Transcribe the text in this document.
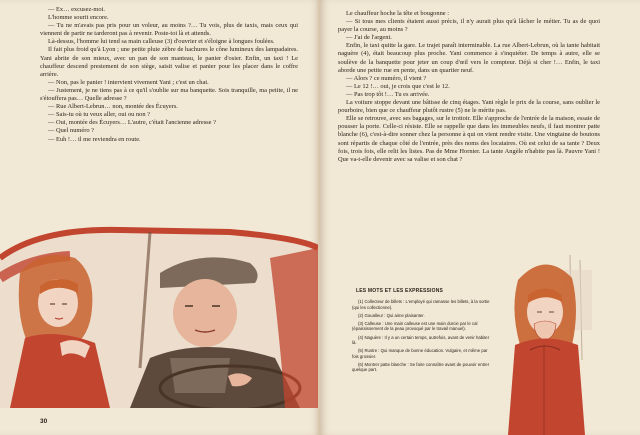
— Ex… excusez-moi.

L'homme sourit encore.

— Tu ne m'avais pas pris pour un voleur, au moins ?… Tu vois, plus de taxis, mais ceux qui viennent de partir ne tarderont pas à revenir. Poste-toi là et attends.

Là-dessus, l'homme lui tend sa main calleuse (3) d'ouvrier et s'éloigne à longues foulées.

Il fait plus froid qu'à Lyon ; une petite pluie zèbre de hachures le cône lumineux des lampadaires. Yani abrite de son mieux, avec un pan de son manteau, le panier d'osier. Enfin, un taxi ! Le chauffeur descend prestement de son siège, saisit valise et panier pour les placer dans le coffre arrière.

— Non, pas le panier ! intervient vivement Yani ; c'est un chat.

— Justement, je ne tiens pas à ce qu'il s'oublie sur ma banquette. Sois tranquille, ma petite, il ne s'étouffera pas… Quelle adresse ?

— Rue Albert-Lebrun… non, montée des Écuyers.

— Sais-tu où tu veux aller, oui ou non ?

— Oui, montée des Écuyers… L'autre, c'était l'ancienne adresse ?

— Quel numéro ?

— Euh !… il me reviendra en route.

30

Le chauffeur hoche la tête et bougonne :

— Si tous mes clients étaient aussi précis, il n'y aurait plus qu'à lâcher le métier. Tu as de quoi payer la course, au moins ?

— J'ai de l'argent.

Enfin, le taxi quitte la gare. Le trajet paraît interminable. La rue Albert-Lebrun, où la tante habitait naguère (4), était beaucoup plus proche. Yani commence à s'inquiéter. De temps à autre, elle se soulève de la banquette pour jeter un coup d'œil vers le compteur. Déjà si cher !… Enfin, le taxi aborde une petite rue en pente, dans un quartier neuf.

— Alors ? ce numéro, il vient ?

— Le 12 !… oui, je crois que c'est le 12.

— Pas trop tôt !… Tu es arrivée.

La voiture stoppe devant une bâtisse de cinq étages. Yani règle le prix de la course, sans oublier le pourboire, bien que ce chauffeur plutôt rustre (5) ne le mérite pas.

Elle se retrouve, avec ses bagages, sur le trottoir. Elle s'approche de l'entrée de la maison, essaie de pousser la porte. Celle-ci résiste. Elle se rappelle que dans les immeubles neufs, il faut montrer patte blanche (6), c'est-à-dire sonner chez la personne à qui on vient rendre visite. Une vingtaine de boutons sont répartis de chaque côté de l'entrée, près des noms des locataires. Où est celui de sa tante ? Deux fois, trois fois, elle relit les listes. Pas de Mme Hornier. La tante Angèle n'habite pas là. Pauvre Yani ! Que va-t-elle devenir avec sa valise et son chat ?

LES MOTS ET LES EXPRESSIONS

(1) Collecteur de billets : L'employé qui ramasse les billets, à la sortie (qui les collectionne).

(2) Goualleur : Qui aime plaisanter.

(3) Calleuse : Une main calleuse est une main durcie par le cal (épaississement de la peau provoqué par le travail manuel).

(4) Naguère : Il y a un certain temps, autrefois, avant de venir habiter là.

(5) Rustre : Qui manque de bonne éducation. Vulgaire, et même par fois grossier.

(6) Montrer patte blanche : Se faire connaître avant de pouvoir entrer quelque part.
